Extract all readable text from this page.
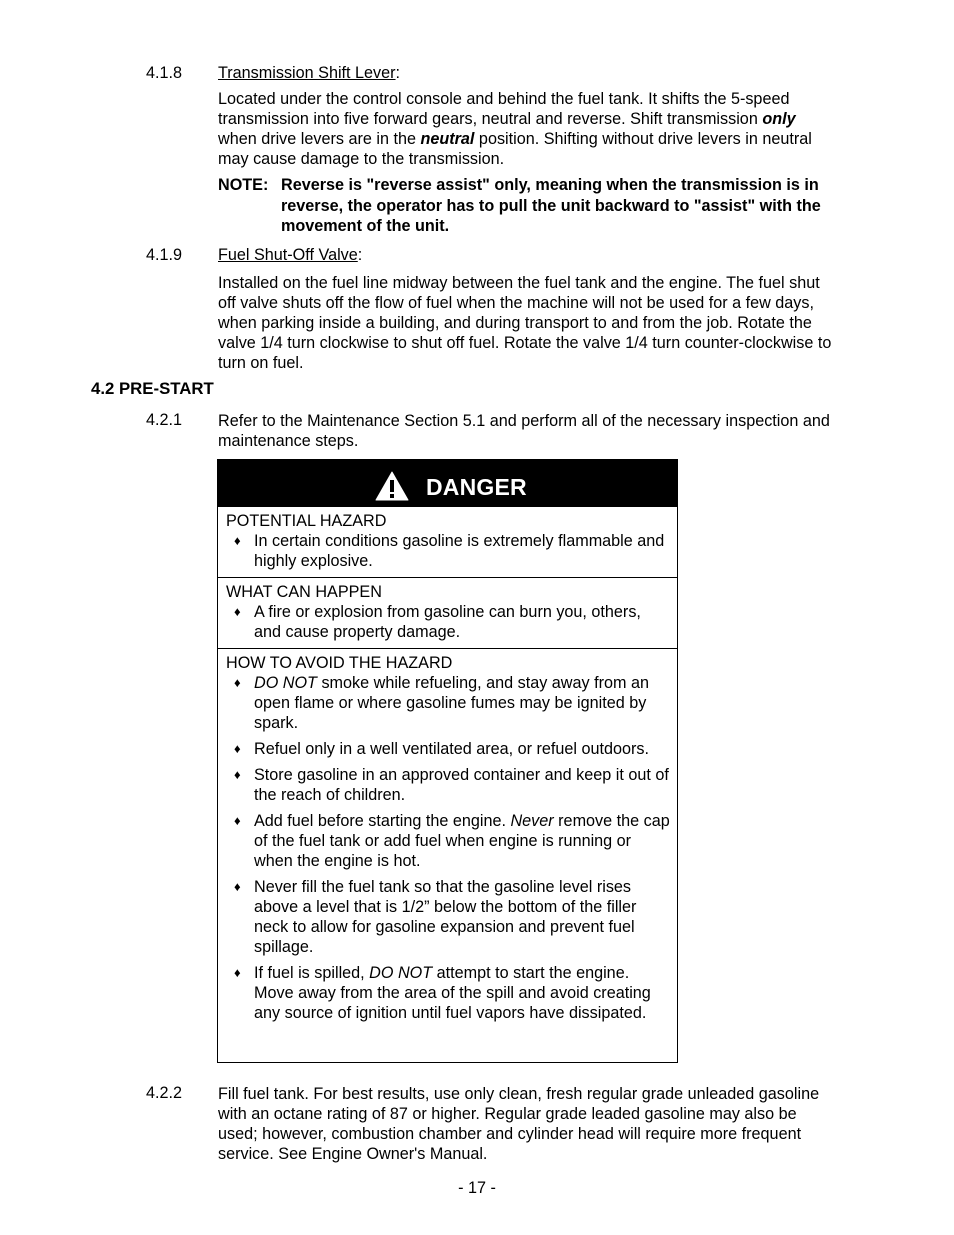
4.1.8 Transmission Shift Lever:

Located under the control console and behind the fuel tank. It shifts the 5-speed transmission into five forward gears, neutral and reverse. Shift transmission only when drive levers are in the neutral position. Shifting without drive levers in neutral may cause damage to the transmission.

NOTE: Reverse is "reverse assist" only, meaning when the transmission is in reverse, the operator has to pull the unit backward to "assist" with the movement of the unit.
4.1.9 Fuel Shut-Off Valve:

Installed on the fuel line midway between the fuel tank and the engine. The fuel shut off valve shuts off the flow of fuel when the machine will not be used for a few days, when parking inside a building, and during transport to and from the job. Rotate the valve 1/4 turn clockwise to shut off fuel. Rotate the valve 1/4 turn counter-clockwise to turn on fuel.

4.2 PRE-START
4.2.1 Refer to the Maintenance Section 5.1 and perform all of the necessary inspection and maintenance steps.

DANGER
POTENTIAL HAZARD
♦ In certain conditions gasoline is extremely flammable and highly explosive.
WHAT CAN HAPPEN
♦ A fire or explosion from gasoline can burn you, others, and cause property damage.
HOW TO AVOID THE HAZARD
♦ DO NOT smoke while refueling, and stay away from an open flame or where gasoline fumes may be ignited by spark.
♦ Refuel only in a well ventilated area, or refuel outdoors.
♦ Store gasoline in an approved container and keep it out of the reach of children.
♦ Add fuel before starting the engine. Never remove the cap of the fuel tank or add fuel when engine is running or when the engine is hot.
♦ Never fill the fuel tank so that the gasoline level rises above a level that is 1/2” below the bottom of the filler neck to allow for gasoline expansion and prevent fuel spillage.
♦ If fuel is spilled, DO NOT attempt to start the engine. Move away from the area of the spill and avoid creating any source of ignition until fuel vapors have dissipated.
4.2.2 Fill fuel tank. For best results, use only clean, fresh regular grade unleaded gasoline with an octane rating of 87 or higher. Regular grade leaded gasoline may also be used; however, combustion chamber and cylinder head will require more frequent service. See Engine Owner's Manual.

- 17 -
